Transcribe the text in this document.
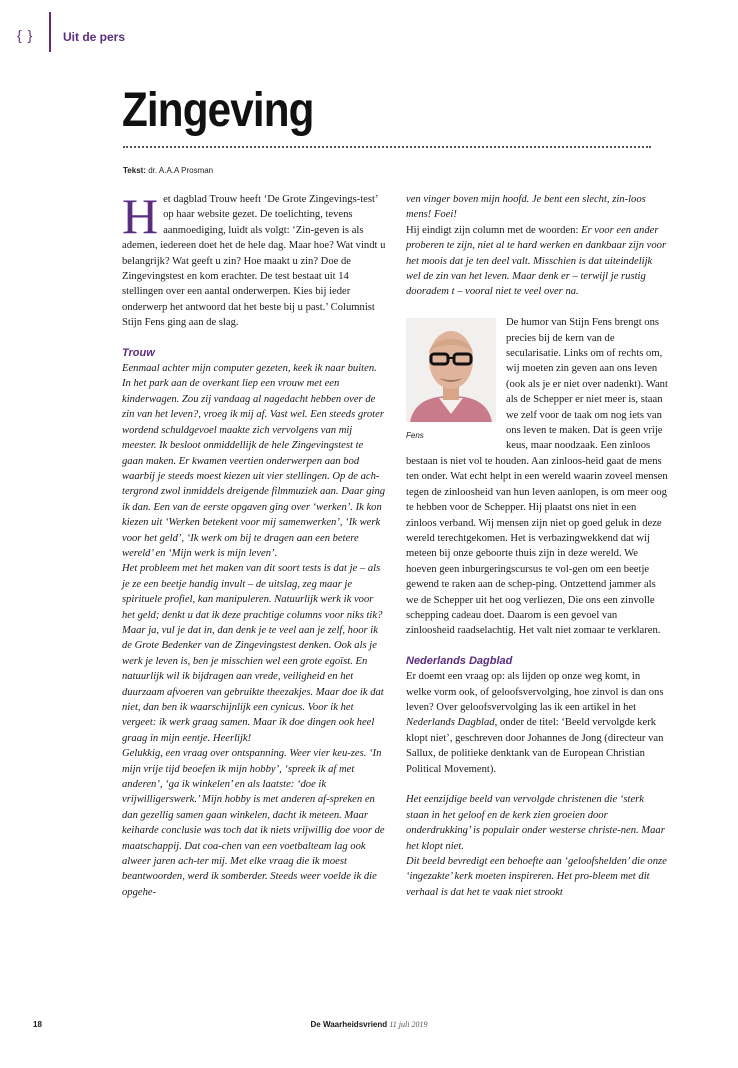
{ } Uit de pers
Zingeving
Tekst: dr. A.A.A Prosman

Het dagblad Trouw heeft ‘De Grote Zingevings-test’ op haar website gezet. De toelichting, tevens aanmoediging, luidt als volgt: ‘Zin-geven is als ademen, iedereen doet het de hele dag. Maar hoe? Wat vindt u belangrijk? Wat geeft u zin? Hoe maakt u zin? Doe de Zingevingstest en kom erachter. De test bestaat uit 14 stellingen over een aantal onderwerpen. Kies bij ieder onderwerp het antwoord dat het beste bij u past.’ Columnist Stijn Fens ging aan de slag.

Trouw

Eenmaal achter mijn computer gezeten, keek ik naar buiten. In het park aan de overkant liep een vrouw met een kinderwagen. Zou zij vandaag al nagedacht hebben over de zin van het leven?, vroeg ik mij af. Vast wel. Een steeds groter wordend schuldgevoel maakte zich vervolgens van mij meester. Ik besloot onmiddellijk de hele Zingevingstest te gaan maken. Er kwamen veertien onderwerpen aan bod waarbij je steeds moest kiezen uit vier stellingen. Op de ach-tergrond zwol inmiddels dreigende filmmuziek aan. Daar ging ik dan. Een van de eerste opgaven ging over ‘werken’. Ik kon kiezen uit ‘Werken betekent voor mij samenwerken’, ‘Ik werk voor het geld’, ‘Ik werk om bij te dragen aan een betere wereld’ en ‘Mijn werk is mijn leven’.

Het probleem met het maken van dit soort tests is dat je – als je ze een beetje handig invult – de uitslag, zeg maar je spirituele profiel, kan manipuleren. Natuurlijk werk ik voor het geld; denkt u dat ik deze prachtige columns voor niks tik? Maar ja, vul je dat in, dan denk je te veel aan je zelf, hoor ik de Grote Bedenker van de Zingevingstest denken. Ook als je werk je leven is, ben je misschien wel een grote egoïst. En natuurlijk wil ik bijdragen aan vrede, veiligheid en het duurzaam afvoeren van gebruikte theezakjes. Maar doe ik dat niet, dan ben ik waarschijnlijk een cynicus. Voor ik het vergeet: ik werk graag samen. Maar ik doe dingen ook heel graag in mijn eentje. Heerlijk!

Gelukkig, een vraag over ontspanning. Weer vier keu-zes. ‘In mijn vrije tijd beoefen ik mijn hobby’, ‘spreek ik af met anderen’, ‘ga ik winkelen’ en als laatste: ‘doe ik vrijwilligerswerk.’ Mijn hobby is met anderen af-spreken en dan gezellig samen gaan winkelen, dacht ik meteen. Maar keiharde conclusie was toch dat ik niets vrijwillig doe voor de maatschappij. Dat coa-chen van een voetbalteam lag ook alweer jaren ach-ter mij. Met elke vraag die ik moest beantwoorden, werd ik somberder. Steeds weer voelde ik die opgehe-

ven vinger boven mijn hoofd. Je bent een slecht, zin-loos mens! Foei!

Hij eindigt zijn column met de woorden: Er voor een ander proberen te zijn, niet al te hard werken en dankbaar zijn voor het moois dat je ten deel valt. Misschien is dat uiteindelijk wel de zin van het leven. Maar denk er – terwijl je rustig dooradem t – vooral niet te veel over na.

Fens

De humor van Stijn Fens brengt ons precies bij de kern van de secularisatie. Links om of rechts om, wij moeten zin geven aan ons leven (ook als je er niet over nadenkt). Want als de Schepper er niet meer is, staan we zelf voor de taak om nog iets van ons leven te maken. Dat is geen vrije keus, maar noodzaak. Een zinloos bestaan is niet vol te houden. Aan zinloos-heid gaat de mens ten onder. Wat echt helpt in een wereld waarin zoveel mensen tegen de zinloosheid van hun leven aanlopen, is om meer oog te hebben voor de Schepper. Hij plaatst ons niet in een zinloos verband. Wij mensen zijn niet op goed geluk in deze wereld terechtgekomen. Het is verbazingwekkend dat wij meteen bij onze geboorte thuis zijn in deze wereld. We hoeven geen inburgeringscursus te vol-gen om een beetje gewend te raken aan de schep-ping. Ontzettend jammer als we de Schepper uit het oog verliezen, Die ons een zinvolle schepping cadeau doet. Daarom is een gevoel van zinloosheid raadselachtig. Het valt niet zomaar te verklaren.

Nederlands Dagblad

Er doemt een vraag op: als lijden op onze weg komt, in welke vorm ook, of geloofsvervolging, hoe zinvol is dan ons leven? Over geloofsvervolging las ik een artikel in het Nederlands Dagblad, onder de titel: ‘Beeld vervolgde kerk klopt niet’, geschreven door Johannes de Jong (directeur van Sallux, de politieke denktank van de European Christian Political Movement).

Het eenzijdige beeld van vervolgde christenen die ‘sterk staan in het geloof en de kerk zien groeien door onderdrukking’ is populair onder westerse christe-nen. Maar het klopt niet.

Dit beeld bevredigt een behoefte aan ‘geloofshelden’ die onze ‘ingezakte’ kerk moeten inspireren. Het pro-bleem met dit verhaal is dat het te vaak niet strookt

18	De Waarheidsvriend 11 juli 2019
